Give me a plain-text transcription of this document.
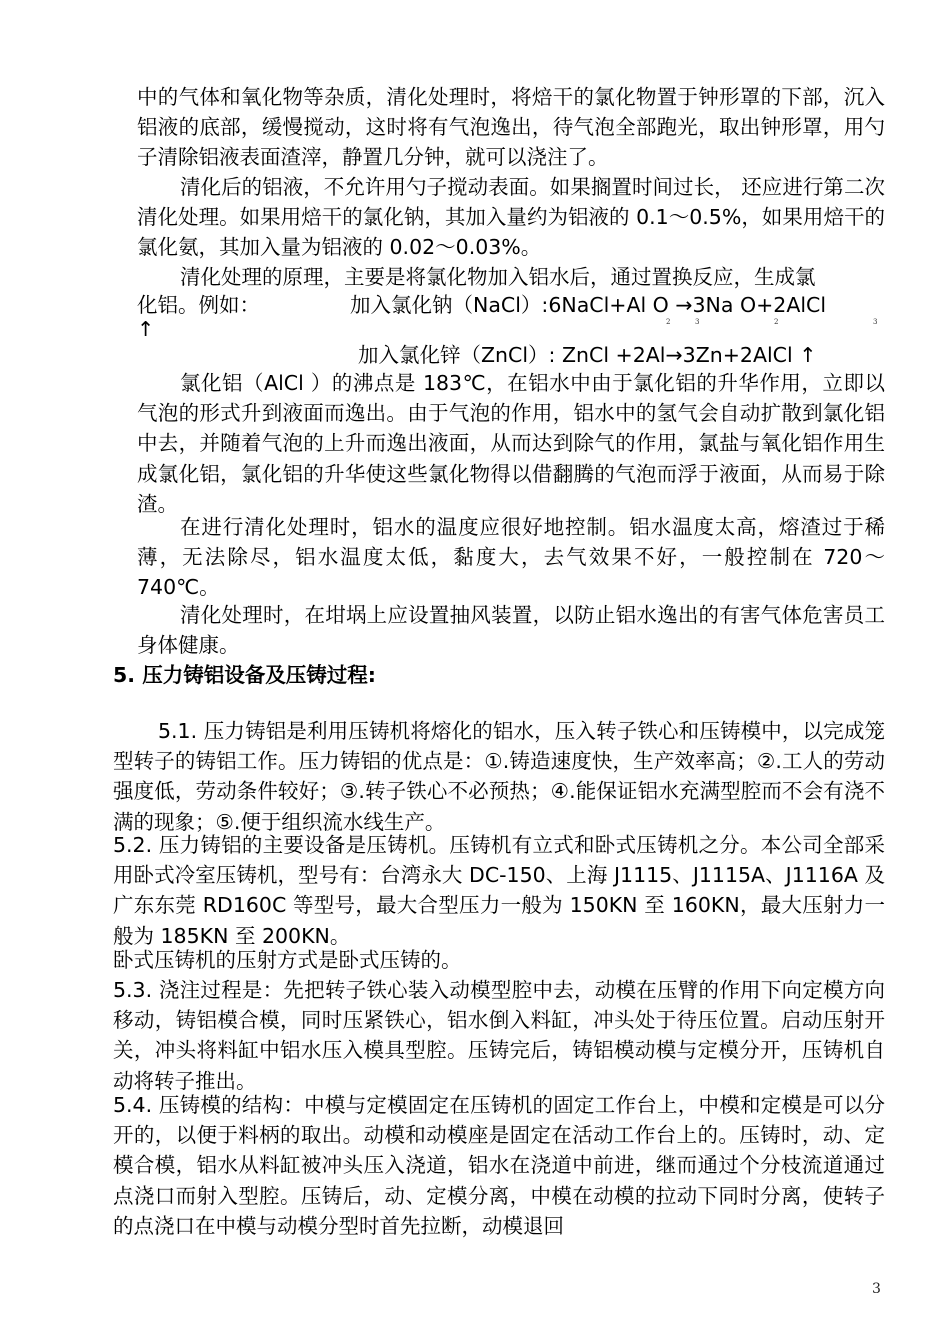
中的气体和氧化物等杂质，清化处理时，将焙干的氯化物置于钟形罩的下部，沉入铝液的底部，缓慢搅动，这时将有气泡逸出，待气泡全部跑光，取出钟形罩，用勺子清除铝液表面渣滓，静置几分钟，就可以浇注了。

清化后的铝液，不允许用勺子搅动表面。如果搁置时间过长， 还应进行第二次清化处理。如果用焙干的氯化钠，其加入量约为铝液的 0.1～0.5%，如果用焙干的氯化氨，其加入量为铝液的 0.02～0.03%。

清化处理的原理，主要是将氯化物加入铝水后，通过置换反应，生成氯

化铝。例如：	加入氯化钠（NaCl）:6NaCl+Al O →3Na O+2AlCl

↑	2	3	2	3

加入氯化锌（ZnCl）: ZnCl +2Al→3Zn+2AlCl ↑

氯化铝（AlCl ）的沸点是 183℃，在铝水中由于氯化铝的升华作用，立即以气泡的形式升到液面而逸出。由于气泡的作用，铝水中的氢气会自动扩散到氯化铝中去，并随着气泡的上升而逸出液面，从而达到除气的作用，氯盐与氧化铝作用生成氯化铝，氯化铝的升华使这些氯化物得以借翻腾的气泡而浮于液面，从而易于除渣。

在进行清化处理时，铝水的温度应很好地控制。铝水温度太高，熔渣过于稀薄，无法除尽，铝水温度太低，黏度大，去气效果不好，一般控制在 720～740℃。

清化处理时，在坩埚上应设置抽风装置，以防止铝水逸出的有害气体危害员工身体健康。

5. 压力铸铝设备及压铸过程:

5.1. 压力铸铝是利用压铸机将熔化的铝水，压入转子铁心和压铸模中，以完成笼型转子的铸铝工作。压力铸铝的优点是：①.铸造速度快，生产效率高；②.工人的劳动强度低，劳动条件较好；③.转子铁心不必预热；④.能保证铝水充满型腔而不会有浇不满的现象；⑤.便于组织流水线生产。

5.2. 压力铸铝的主要设备是压铸机。压铸机有立式和卧式压铸机之分。本公司全部采用卧式冷室压铸机，型号有：台湾永大 DC-150、上海 J1115、J1115A、J1116A 及广东东莞 RD160C 等型号，最大合型压力一般为 150KN 至 160KN，最大压射力一般为 185KN 至 200KN。

卧式压铸机的压射方式是卧式压铸的。

5.3. 浇注过程是：先把转子铁心装入动模型腔中去，动模在压臂的作用下向定模方向移动，铸铝模合模，同时压紧铁心，铝水倒入料缸，冲头处于待压位置。启动压射开关，冲头将料缸中铝水压入模具型腔。压铸完后，铸铝模动模与定模分开，压铸机自动将转子推出。

5.4. 压铸模的结构：中模与定模固定在压铸机的固定工作台上，中模和定模是可以分开的，以便于料柄的取出。动模和动模座是固定在活动工作台上的。压铸时，动、定模合模，铝水从料缸被冲头压入浇道，铝水在浇道中前进，继而通过个分枝流道通过点浇口而射入型腔。压铸后，动、定模分离，中模在动模的拉动下同时分离，使转子的点浇口在中模与动模分型时首先拉断，动模退回

3
